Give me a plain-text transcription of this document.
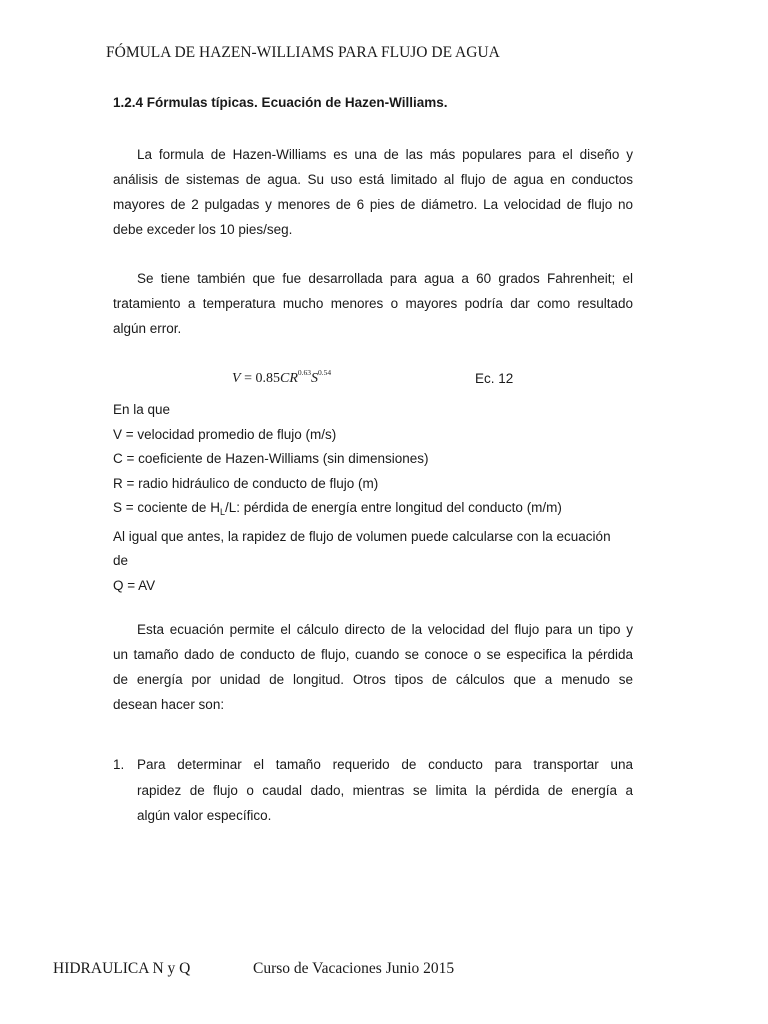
FÓMULA DE HAZEN-WILLIAMS PARA FLUJO DE AGUA
1.2.4 Fórmulas típicas. Ecuación de Hazen-Williams.
La formula de Hazen-Williams es una de las más populares para el diseño y
análisis de sistemas de agua. Su uso está limitado al flujo de agua en conductos
mayores de 2 pulgadas y menores de 6 pies de diámetro. La velocidad de flujo no
debe exceder los 10 pies/seg.
Se tiene también que fue desarrollada para agua a 60 grados Fahrenheit; el
tratamiento a temperatura mucho menores o mayores podría dar como resultado
algún error.
$V = 0.85CR^{0.63}S^{0.54}$	Ec. 12
En la que
V = velocidad promedio de flujo (m/s)
C = coeficiente de Hazen-Williams (sin dimensiones)
R = radio hidráulico de conducto de flujo (m)
S = cociente de $H_L/L$: pérdida de energía entre longitud del conducto (m/m)
Al igual que antes, la rapidez de flujo de volumen puede calcularse con la ecuación
de
Q = AV
Esta ecuación permite el cálculo directo de la velocidad del flujo para un tipo y
un tamaño dado de conducto de flujo, cuando se conoce o se especifica la pérdida
de energía por unidad de longitud. Otros tipos de cálculos que a menudo se
desean hacer son:
1. Para determinar el tamaño requerido de conducto para transportar una
rapidez de flujo o caudal dado, mientras se limita la pérdida de energía a
algún valor específico.
HIDRAULICA N y Q	Curso de Vacaciones Junio 2015
